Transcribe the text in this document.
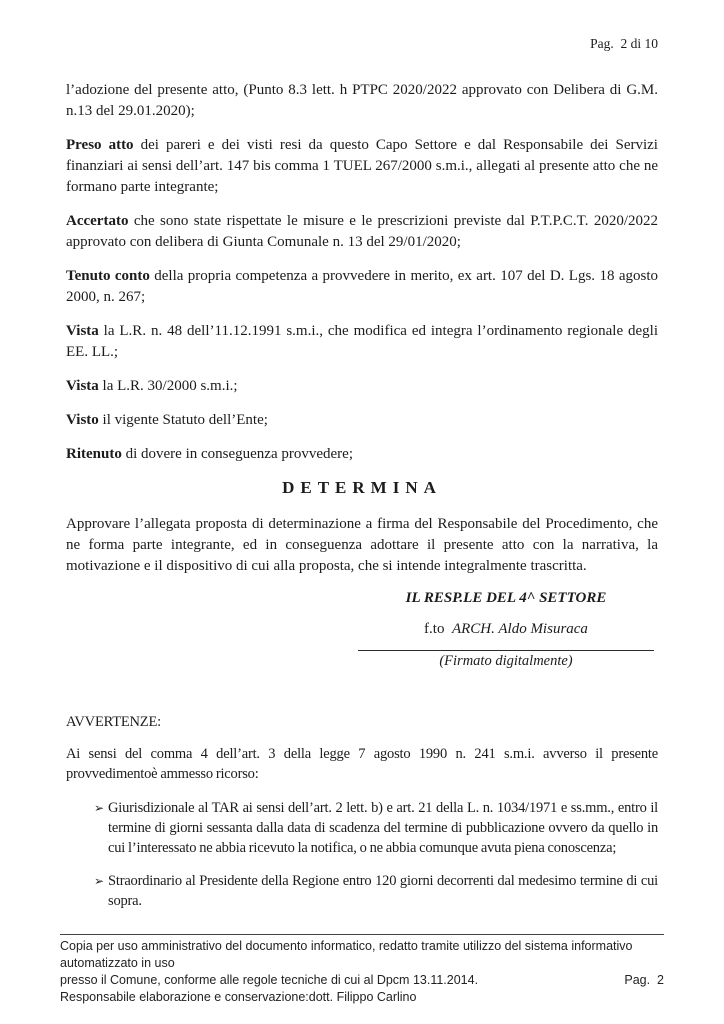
Pag.  2 di 10

l’adozione del presente atto, (Punto 8.3 lett. h PTPC 2020/2022 approvato con Delibera di G.M. n.13 del 29.01.2020);

Preso atto dei pareri e dei visti resi da questo Capo Settore e dal Responsabile dei Servizi finanziari ai sensi dell’art. 147 bis comma 1 TUEL 267/2000 s.m.i., allegati al presente atto che ne formano parte integrante;

Accertato che sono state rispettate le misure e le prescrizioni previste dal P.T.P.C.T. 2020/2022 approvato con delibera di Giunta Comunale n. 13 del 29/01/2020;

Tenuto conto della propria competenza a provvedere in merito, ex art. 107 del D. Lgs. 18 agosto 2000, n. 267;

Vista la L.R. n. 48 dell’11.12.1991 s.m.i., che modifica ed integra l’ordinamento regionale degli EE. LL.;

Vista la L.R. 30/2000 s.m.i.;

Visto il vigente Statuto dell’Ente;

Ritenuto di dovere in conseguenza provvedere;

DETERMINA

Approvare l’allegata proposta di determinazione a firma del Responsabile del Procedimento, che ne forma parte integrante, ed in conseguenza adottare il presente atto con la narrativa, la motivazione e il dispositivo di cui alla proposta, che si intende integralmente trascritta.

IL RESP.LE DEL 4^ SETTORE
f.to  ARCH. Aldo Misuraca
(Firmato digitalmente)
AVVERTENZE:

Ai sensi del comma 4 dell’art. 3 della legge 7 agosto 1990 n. 241 s.m.i. avverso il presente provvedimentoè ammesso ricorso:

➢ Giurisdizionale al TAR ai sensi dell’art. 2 lett. b) e art. 21 della L. n. 1034/1971 e ss.mm., entro il termine di giorni sessanta dalla data di scadenza del termine di pubblicazione ovvero da quello in cui l’interessato ne abbia ricevuto la notifica, o ne abbia comunque avuta piena conoscenza;
➢ Straordinario al Presidente della Regione entro 120 giorni decorrenti dal medesimo termine di cui sopra.
Copia per uso amministrativo del documento informatico, redatto tramite utilizzo del sistema informativo automatizzato in uso
presso il Comune, conforme alle regole tecniche di cui al Dpcm 13.11.2014.	Pag.  2
Responsabile elaborazione e conservazione:dott. Filippo Carlino
